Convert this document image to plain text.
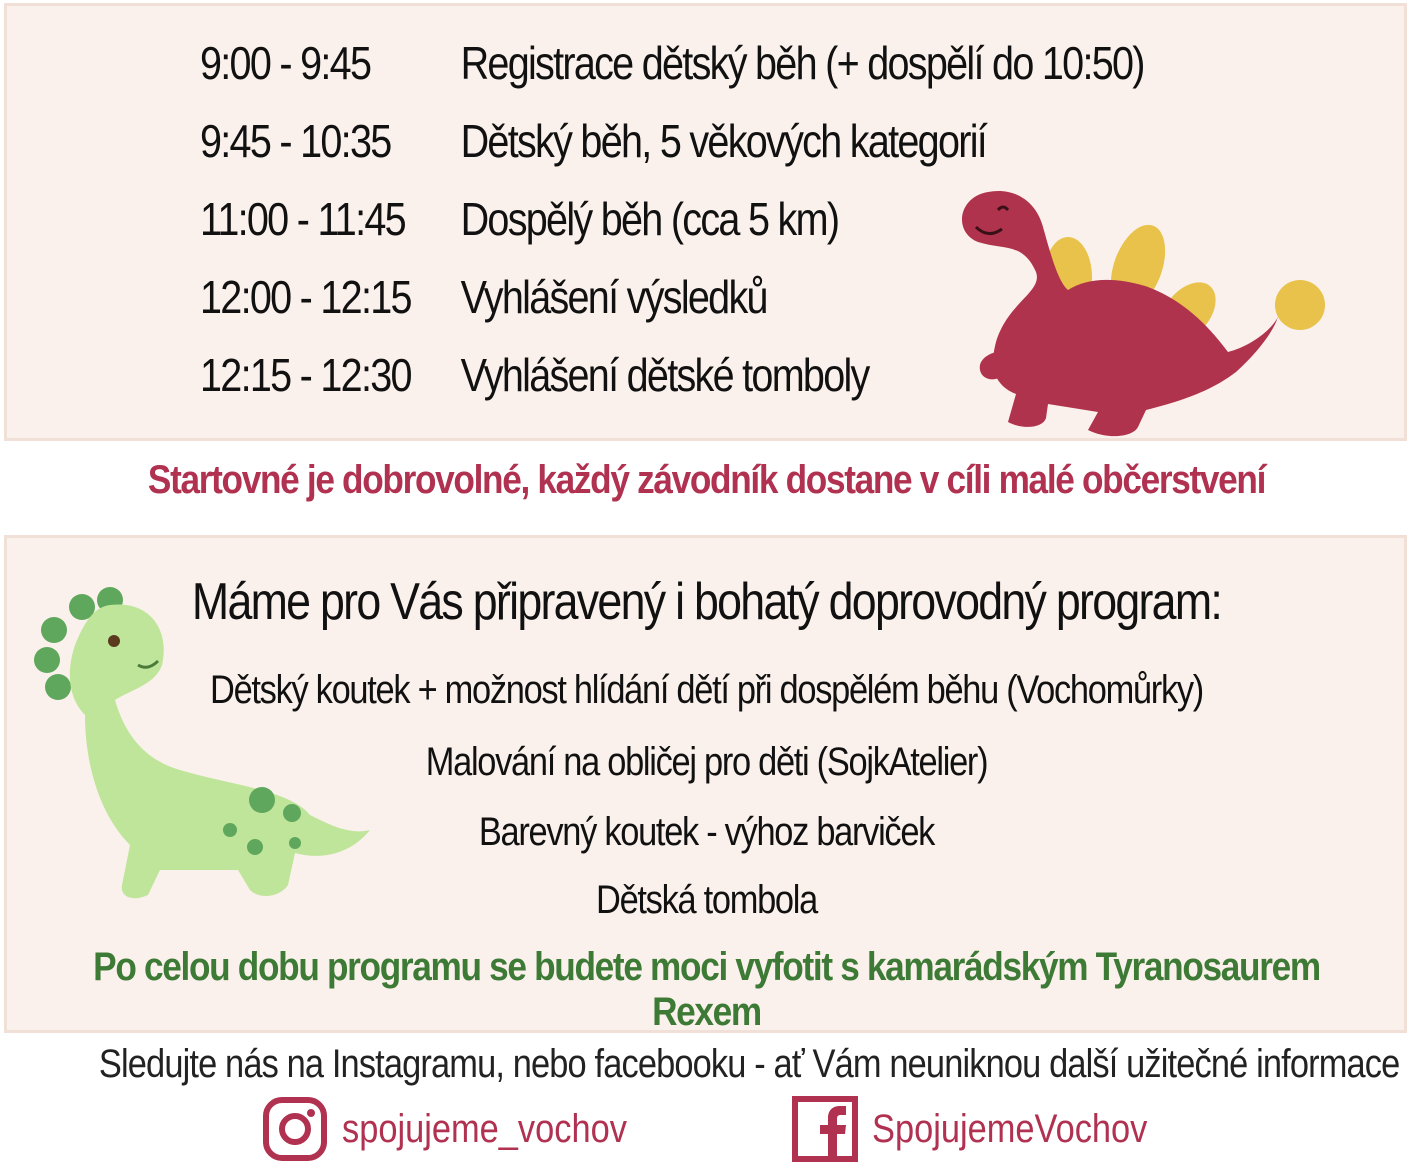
9:00 - 9:45	Registrace dětský běh (+ dospělí do 10:50)
9:45 - 10:35	Dětský běh, 5 věkových kategorií
11:00 - 11:45	Dospělý běh (cca 5 km)
12:00 - 12:15	Vyhlášení výsledků
12:15 - 12:30	Vyhlášení dětské tomboly
Startovné je dobrovolné, každý závodník dostane v cíli malé občerstvení
Máme pro Vás připravený i bohatý doprovodný program:
Dětský koutek + možnost hlídání dětí při dospělém běhu (Vochomůrky)
Malování na obličej pro děti (SojkAtelier)
Barevný koutek - výhoz barviček
Dětská tombola
Po celou dobu programu se budete moci vyfotit s kamarádským Tyranosaurem Rexem
Sledujte nás na Instagramu, nebo facebooku - ať Vám neuniknou další užitečné informace
spojujeme_vochov	SpojujemeVochov
